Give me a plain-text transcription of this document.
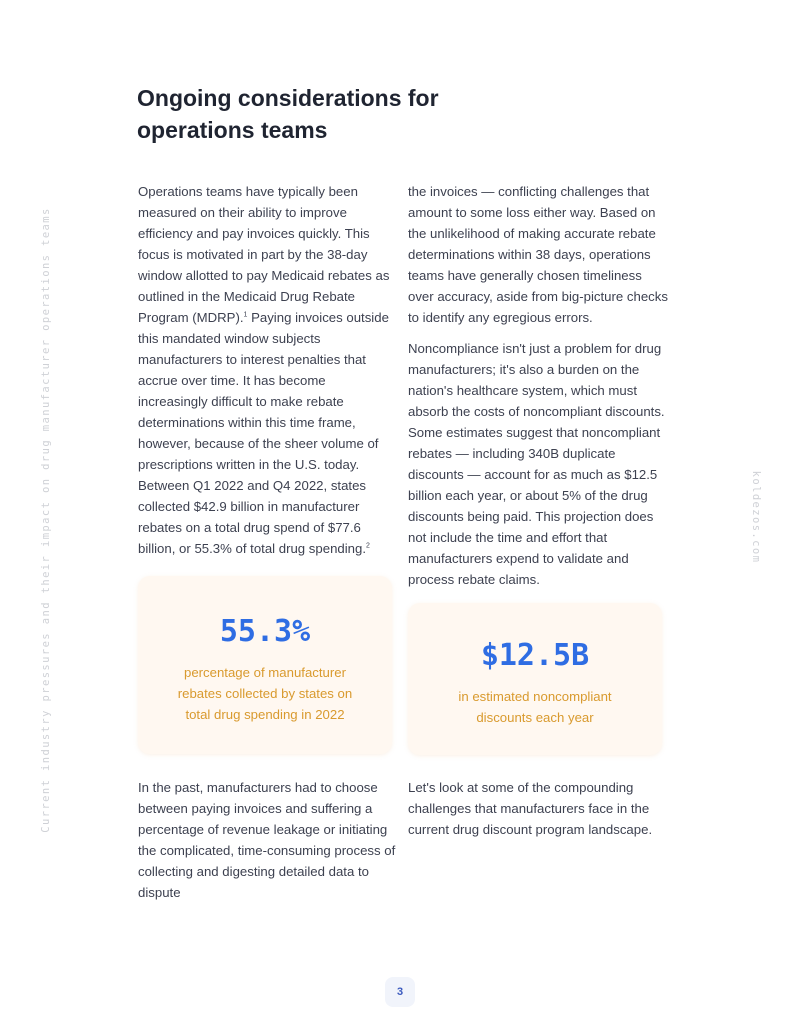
Current industry pressures and their impact on drug manufacturer operations teams	koldezos.com
Ongoing considerations for operations teams

Operations teams have typically been measured on their ability to improve efficiency and pay invoices quickly. This focus is motivated in part by the 38-day window allotted to pay Medicaid rebates as outlined in the Medicaid Drug Rebate Program (MDRP).$^1$ Paying invoices outside this mandated window subjects manufacturers to interest penalties that accrue over time. It has become increasingly difficult to make rebate determinations within this time frame, however, because of the sheer volume of prescriptions written in the U.S. today. Between Q1 2022 and Q4 2022, states collected $42.9 billion in manufacturer rebates on a total drug spend of $77.6 billion, or 55.3% of total drug spending.$^2$

55.3%
percentage of manufacturer rebates collected by states on total drug spending in 2022

In the past, manufacturers had to choose between paying invoices and suffering a percentage of revenue leakage or initiating the complicated, time-consuming process of collecting and digesting detailed data to dispute

the invoices — conflicting challenges that amount to some loss either way. Based on the unlikelihood of making accurate rebate determinations within 38 days, operations teams have generally chosen timeliness over accuracy, aside from big-picture checks to identify any egregious errors.

Noncompliance isn't just a problem for drug manufacturers; it's also a burden on the nation's healthcare system, which must absorb the costs of noncompliant discounts. Some estimates suggest that noncompliant rebates — including 340B duplicate discounts — account for as much as $12.5 billion each year, or about 5% of the drug discounts being paid. This projection does not include the time and effort that manufacturers expend to validate and process rebate claims.

$12.5B
in estimated noncompliant discounts each year

Let's look at some of the compounding challenges that manufacturers face in the current drug discount program landscape.

3
